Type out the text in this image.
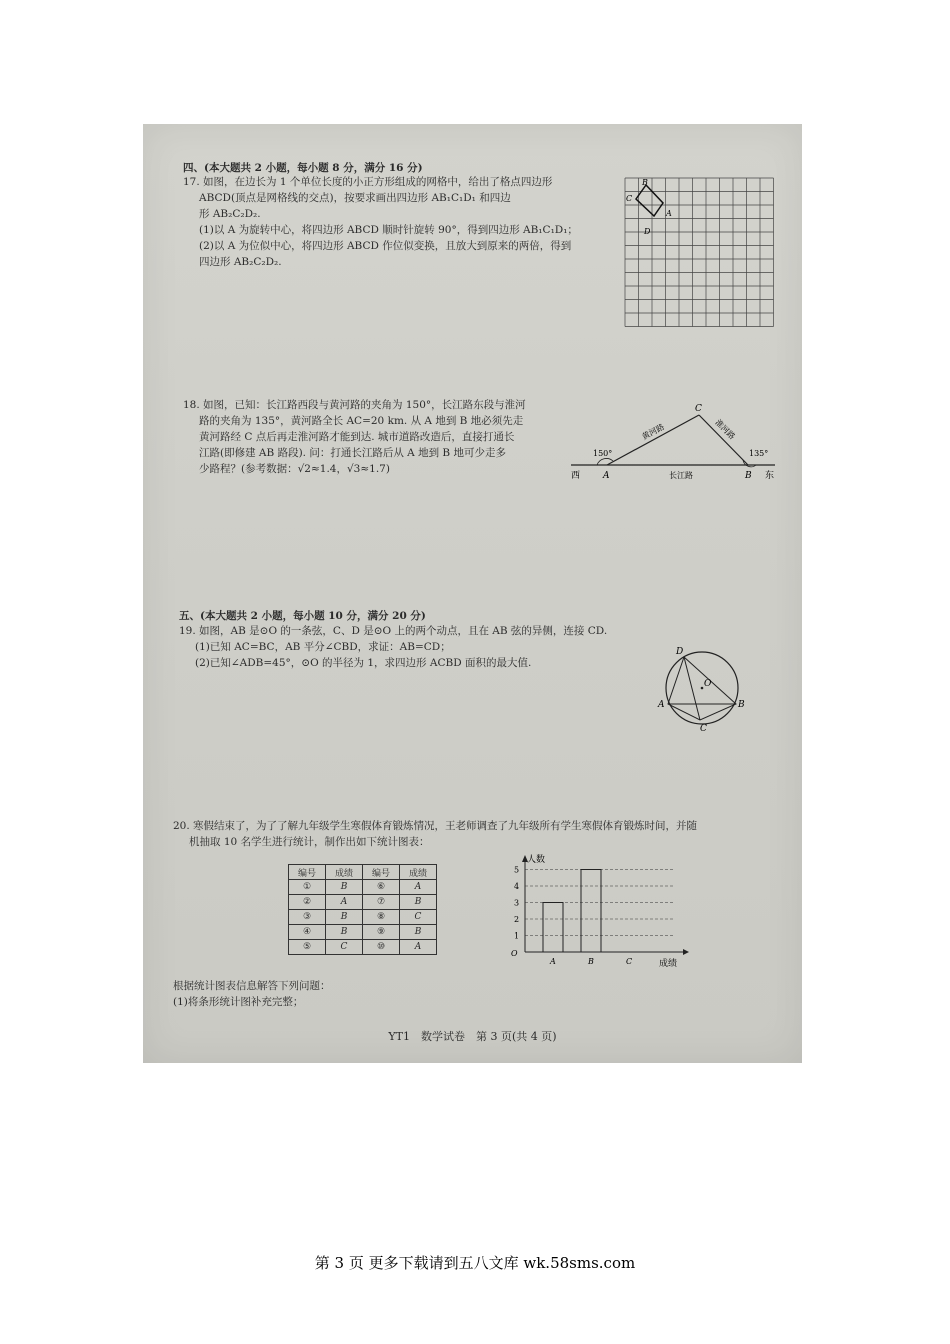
四、(本大题共 2 小题，每小题 8 分，满分 16 分)
17. 如图，在边长为 1 个单位长度的小正方形组成的网格中，给出了格点四边形
ABCD(顶点是网格线的交点)，按要求画出四边形 AB₁C₁D₁ 和四边
形 AB₂C₂D₂.
(1)以 A 为旋转中心，将四边形 ABCD 顺时针旋转 90°，得到四边形 AB₁C₁D₁；
(2)以 A 为位似中心，将四边形 ABCD 作位似变换，且放大到原来的两倍，得到
四边形 AB₂C₂D₂.
B
C
A
D
18. 如图，已知：长江路西段与黄河路的夹角为 150°，长江路东段与淮河
路的夹角为 135°，黄河路全长 AC=20 km. 从 A 地到 B 地必须先走
黄河路经 C 点后再走淮河路才能到达. 城市道路改造后，直接打通长
江路(即修建 AB 路段). 问：打通长江路后从 A 地到 B 地可少走多
少路程？(参考数据：√2≈1.4，√3≈1.7)
C
黄河路	淮河路
150°	135°
西	A	长江路	B 东
五、(本大题共 2 小题，每小题 10 分，满分 20 分)
19. 如图，AB 是⊙O 的一条弦，C、D 是⊙O 上的两个动点，且在 AB 弦的异侧，连接 CD.
(1)已知 AC=BC，AB 平分∠CBD，求证：AB=CD；
(2)已知∠ADB=45°，⊙O 的半径为 1，求四边形 ACBD 面积的最大值.
D
O
A	B
C
20. 寒假结束了，为了了解九年级学生寒假体育锻炼情况，王老师调查了九年级所有学生寒假体育锻炼时间，并随
机抽取 10 名学生进行统计，制作出如下统计图表：
编号	成绩	编号	成绩
①	B	⑥	A
②	A	⑦	B
③	B	⑧	C
④	B	⑨	B
⑤	C	⑩	A
人数
成绩
O
1
2
3
4
5
A	B	C
根据统计图表信息解答下列问题：
(1)将条形统计图补充完整；
YT1　数学试卷　第 3 页(共 4 页)
第 3 页 更多下载请到五八文库 wk.58sms.com
